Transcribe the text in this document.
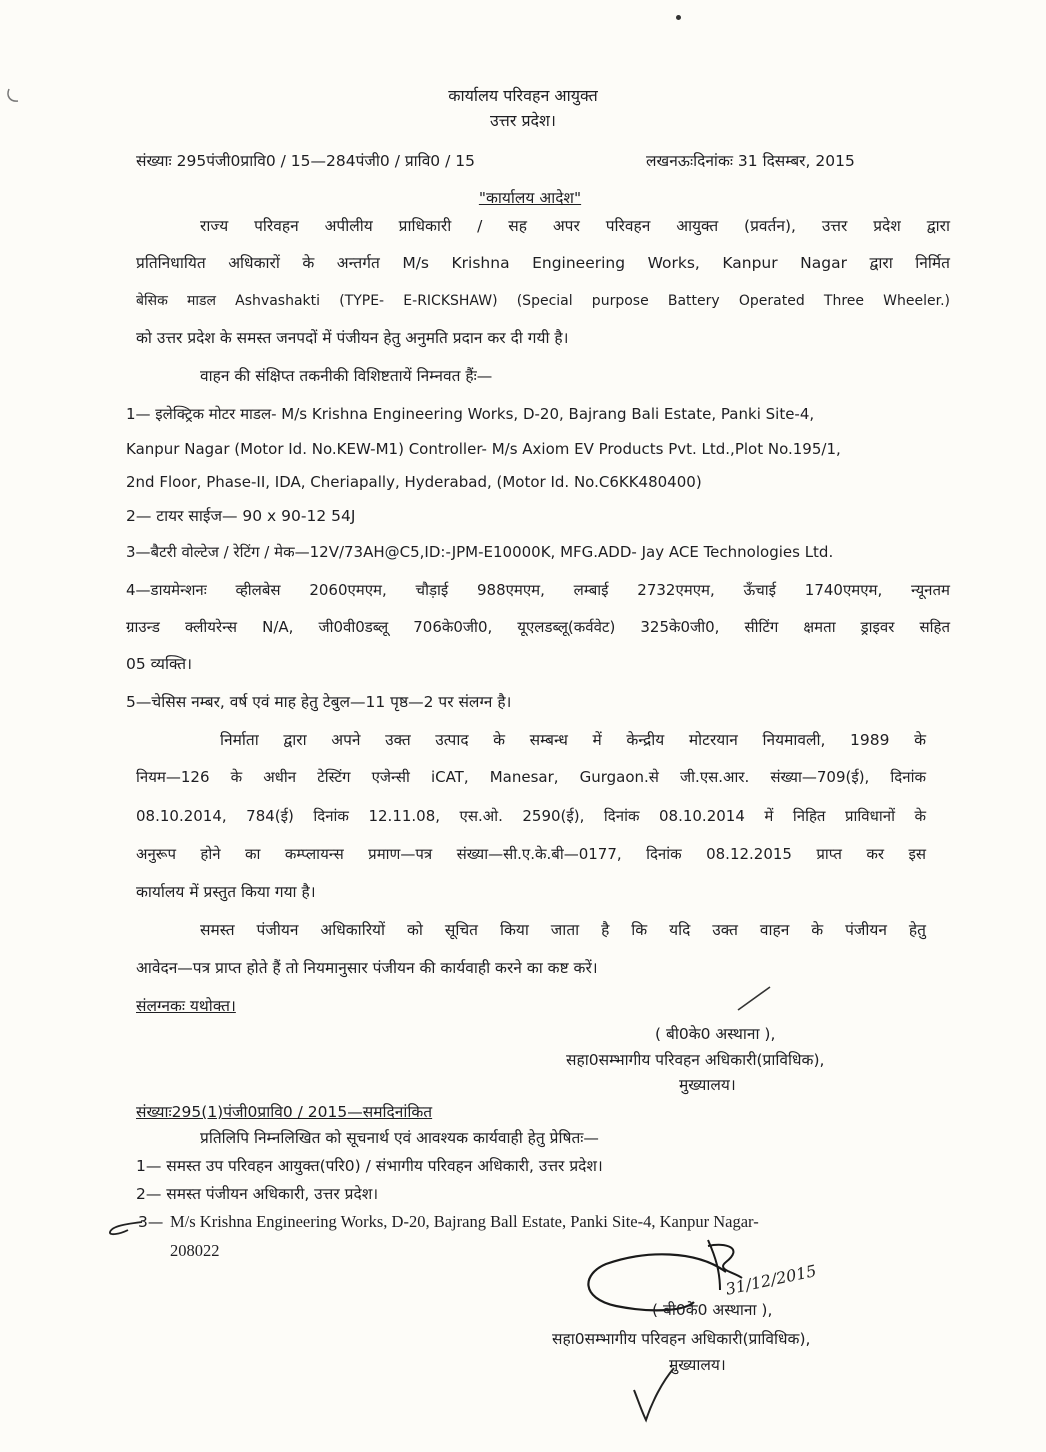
कार्यालय परिवहन आयुक्त
उत्तर प्रदेश।
संख्याः 295पंजी0प्रावि0 / 15—284पंजी0 / प्रावि0 / 15	लखनऊःदिनांकः 31 दिसम्बर, 2015
"कार्यालय आदेश"
राज्य परिवहन अपीलीय प्राधिकारी / सह अपर परिवहन आयुक्त (प्रवर्तन), उत्तर प्रदेश द्वारा
प्रतिनिधायित अधिकारों के अन्तर्गत M/s Krishna Engineering Works, Kanpur Nagar द्वारा निर्मित
बेसिक माडल Ashvashakti (TYPE- E-RICKSHAW) (Special purpose Battery Operated Three Wheeler.)
को उत्तर प्रदेश के समस्त जनपदों में पंजीयन हेतु अनुमति प्रदान कर दी गयी है।
वाहन की संक्षिप्त तकनीकी विशिष्टतायें निम्नवत हैंः—
1— इलेक्ट्रिक मोटर माडल- M/s Krishna Engineering Works, D-20, Bajrang Bali Estate, Panki Site-4,
Kanpur Nagar (Motor Id. No.KEW-M1) Controller- M/s Axiom EV Products Pvt. Ltd.,Plot No.195/1,
2nd Floor, Phase-II, IDA, Cheriapally, Hyderabad, (Motor Id. No.C6KK480400)
2— टायर साईज— 90 x 90-12 54J
3—बैटरी वोल्टेज / रेटिंग / मेक—12V/73AH@C5,ID:-JPM-E10000K, MFG.ADD- Jay ACE Technologies Ltd.
4—डायमेन्शनः व्हीलबेस 2060एमएम, चौड़ाई 988एमएम, लम्बाई 2732एमएम, ऊँचाई 1740एमएम, न्यूनतम
ग्राउन्ड क्लीयरेन्स N/A, जी0वी0डब्लू 706के0जी0, यूएलडब्लू(कर्ववेट) 325के0जी0, सीटिंग क्षमता ड्राइवर सहित
05 व्यक्ति।
5—चेसिस नम्बर, वर्ष एवं माह हेतु टेबुल—11 पृष्ठ—2 पर संलग्न है।
निर्माता द्वारा अपने उक्त उत्पाद के सम्बन्ध में केन्द्रीय मोटरयान नियमावली, 1989 के
नियम—126 के अधीन टेस्टिंग एजेन्सी iCAT, Manesar, Gurgaon.से जी.एस.आर. संख्या—709(ई), दिनांक
08.10.2014, 784(ई) दिनांक 12.11.08, एस.ओ. 2590(ई), दिनांक 08.10.2014 में निहित प्राविधानों के
अनुरूप होने का कम्प्लायन्स प्रमाण—पत्र संख्या—सी.ए.के.बी—0177, दिनांक 08.12.2015 प्राप्त कर इस
कार्यालय में प्रस्तुत किया गया है।
समस्त पंजीयन अधिकारियों को सूचित किया जाता है कि यदि उक्त वाहन के पंजीयन हेतु
आवेदन—पत्र प्राप्त होते हैं तो नियमानुसार पंजीयन की कार्यवाही करने का कष्ट करें।
संलग्नकः यथोक्त।
( बी0के0 अस्थाना ),
सहा0सम्भागीय परिवहन अधिकारी(प्राविधिक),
मुख्यालय।
संख्याः295(1)पंजी0प्रावि0 / 2015—समदिनांकित
प्रतिलिपि निम्नलिखित को सूचनार्थ एवं आवश्यक कार्यवाही हेतु प्रेषितः—
1— समस्त उप परिवहन आयुक्त(परि0) / संभागीय परिवहन अधिकारी, उत्तर प्रदेश।
2— समस्त पंजीयन अधिकारी, उत्तर प्रदेश।
3— M/s Krishna Engineering Works, D-20, Bajrang Ball Estate, Panki Site-4, Kanpur Nagar-
208022
31/12/2015
( बी0के0 अस्थाना ),
सहा0सम्भागीय परिवहन अधिकारी(प्राविधिक),
मुख्यालय।
